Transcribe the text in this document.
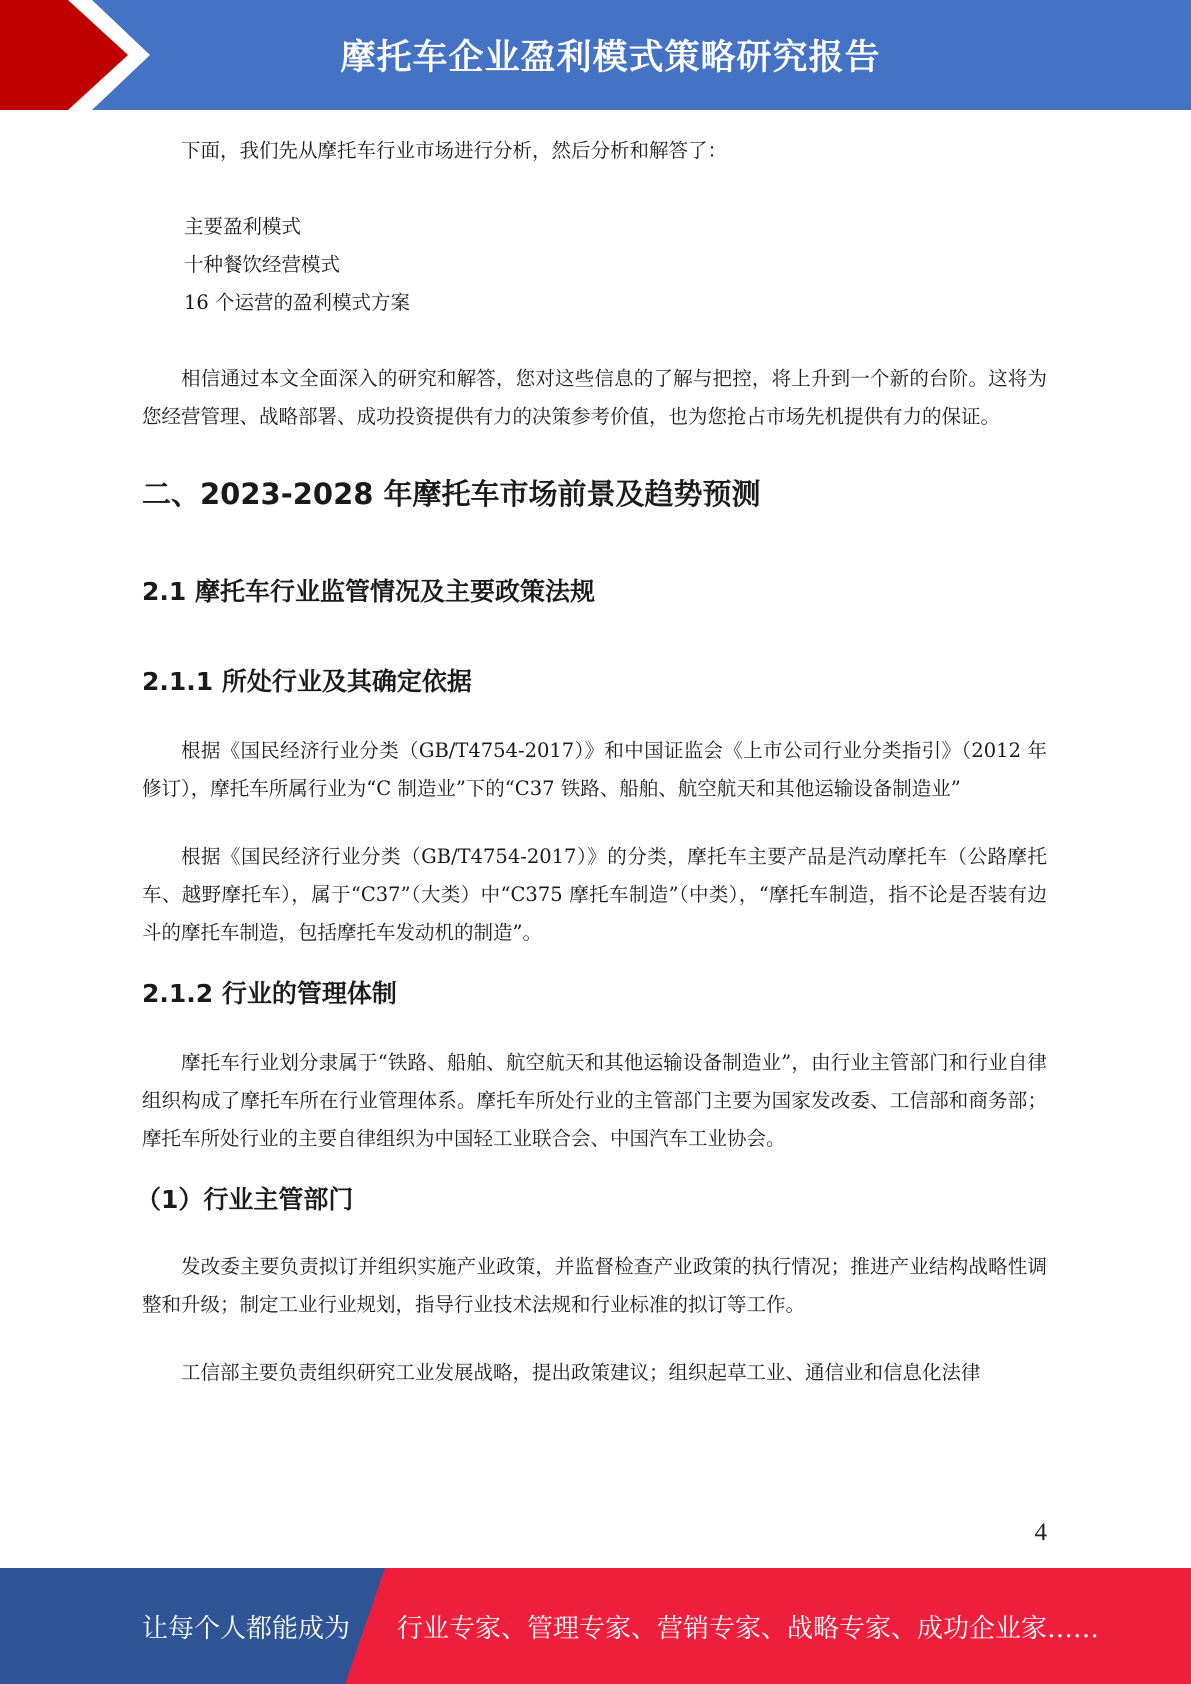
摩托车企业盈利模式策略研究报告

下面，我们先从摩托车行业市场进行分析，然后分析和解答了：

主要盈利模式
十种餐饮经营模式
16 个运营的盈利模式方案

相信通过本文全面深入的研究和解答，您对这些信息的了解与把控，将上升到一个新的台阶。这将为您经营管理、战略部署、成功投资提供有力的决策参考价值，也为您抢占市场先机提供有力的保证。

二、2023-2028 年摩托车市场前景及趋势预测
2.1 摩托车行业监管情况及主要政策法规
2.1.1 所处行业及其确定依据

根据《国民经济行业分类（GB/T4754-2017）》和中国证监会《上市公司行业分类指引》（2012 年修订），摩托车所属行业为“C 制造业”下的“C37 铁路、船舶、航空航天和其他运输设备制造业”

根据《国民经济行业分类（GB/T4754-2017）》的分类，摩托车主要产品是汽动摩托车（公路摩托车、越野摩托车），属于“C37”（大类）中“C375 摩托车制造”（中类），“摩托车制造，指不论是否装有边斗的摩托车制造，包括摩托车发动机的制造”。

2.1.2 行业的管理体制

摩托车行业划分隶属于“铁路、船舶、航空航天和其他运输设备制造业”，由行业主管部门和行业自律组织构成了摩托车所在行业管理体系。摩托车所处行业的主管部门主要为国家发改委、工信部和商务部；摩托车所处行业的主要自律组织为中国轻工业联合会、中国汽车工业协会。

（1）行业主管部门

发改委主要负责拟订并组织实施产业政策，并监督检查产业政策的执行情况；推进产业结构战略性调整和升级；制定工业行业规划，指导行业技术法规和行业标准的拟订等工作。

工信部主要负责组织研究工业发展战略，提出政策建议；组织起草工业、通信业和信息化法律

4
让每个人都能成为 行业专家、管理专家、营销专家、战略专家、成功企业家……
